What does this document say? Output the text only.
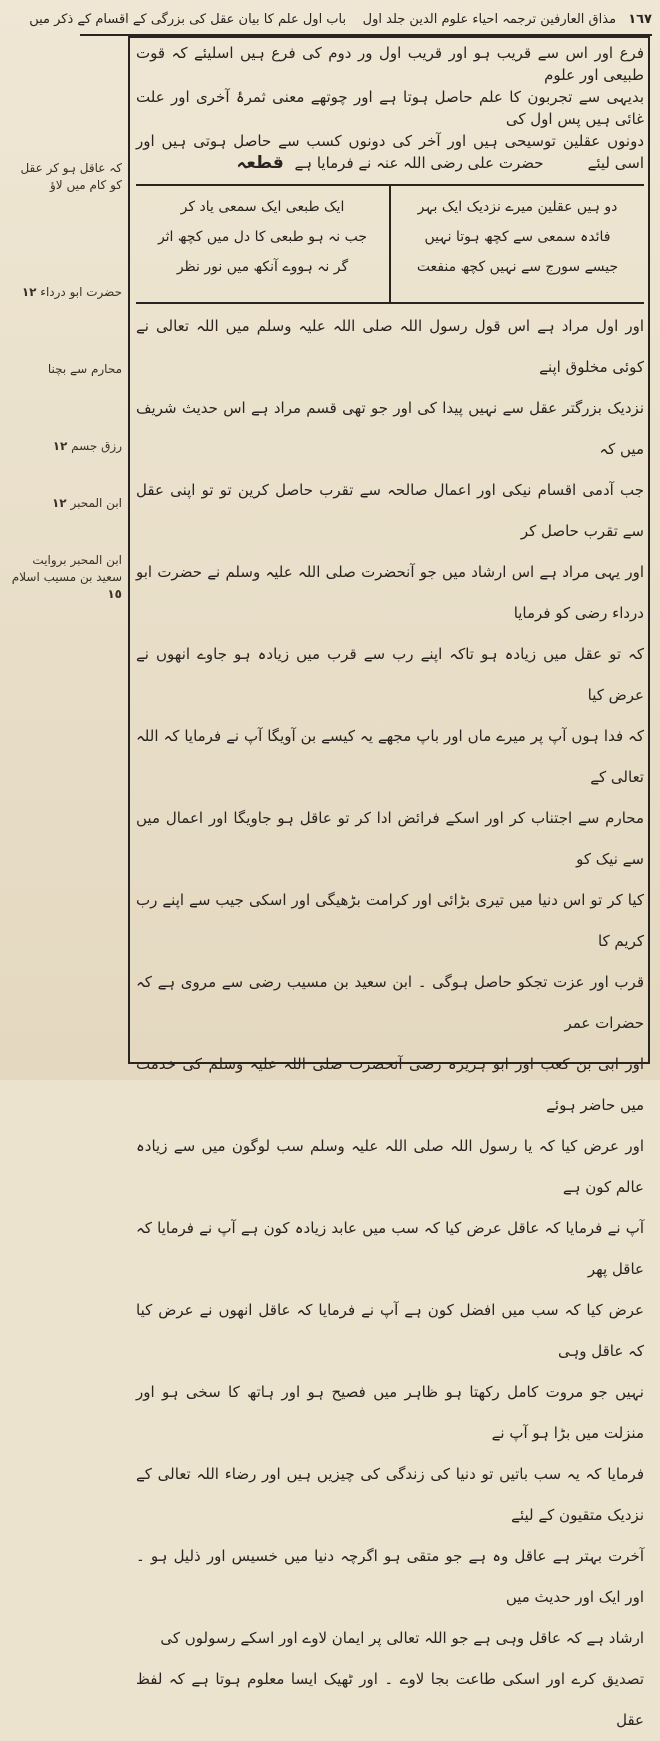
١٦٧ مذاق العارفین ترجمہ احیاء علوم الدین جلد اول    باب اول علم کا بیان عقل کی بزرگی کے اقسام کے ذکر میں

فرع اور اس سے قریب ہو اور قریب اول ور دوم کی فرع ہیں اسلیئے کہ قوت طبیعی اور علوم

بدیہی سے تجربون کا علم حاصل ہوتا ہے اور چوتھے معنی ثمرۂ آخری اور علت غائی ہیں پس اول کی

دونوں عقلین توسیحی ہیں اور آخر کی دونوں کسب سے حاصل ہوتی ہیں اور اسی لیئے

حضرت علی رضی اللہ عنہ نے فرمایا ہے قطعہ
دو ہیں عقلین میرے نزدیک ایک بہر
فائدہ سمعی سے کچھ ہوتا نہیں
جیسے سورج سے نہیں کچھ منفعت
ایک طبعی ایک سمعی یاد کر
جب نہ ہو طبعی کا دل میں کچھ اثر
گر نہ ہووے آنکھ میں نور نظر

اور اول مراد ہے اس قول رسول اللہ صلی اللہ علیہ وسلم میں اللہ تعالی نے کوئی مخلوق اپنے

نزدیک بزرگتر عقل سے نہیں پیدا کی اور جو تھی قسم مراد ہے اس حدیث شریف میں کہ

جب آدمی اقسام نیکی اور اعمال صالحہ سے تقرب حاصل کرین تو تو اپنی عقل سے تقرب حاصل کر

اور یہی مراد ہے اس ارشاد میں جو آنحضرت صلی اللہ علیہ وسلم نے حضرت ابو درداء رضی کو فرمایا

کہ تو عقل میں زیادہ ہو تاکہ اپنے رب سے قرب میں زیادہ ہو جاوے انھوں نے عرض کیا

کہ فدا ہوں آپ پر میرے ماں اور باپ مجھے یہ کیسے بن آویگا آپ نے فرمایا کہ اللہ تعالی کے

محارم سے اجتناب کر اور اسکے فرائض ادا کر تو عاقل ہو جاویگا اور اعمال میں سے نیک کو

کیا کر تو اس دنیا میں تیری بڑائی اور کرامت بڑھیگی اور اسکی جیب سے اپنے رب کریم کا

قرب اور عزت تجکو حاصل ہوگی ۔ ابن سعید بن مسیب رضی سے مروی ہے کہ حضرات عمر

اور ابی بن کعب اور ابو ہریرہ رضی آنحضرت صلی اللہ علیہ وسلم کی خدمت میں حاضر ہوئے

اور عرض کیا کہ یا رسول اللہ صلی اللہ علیہ وسلم سب لوگون میں سے زیادہ عالم کون ہے

آپ نے فرمایا کہ عاقل عرض کیا کہ سب میں عابد زیادہ کون ہے آپ نے فرمایا کہ عاقل پھر

عرض کیا کہ سب میں افضل کون ہے آپ نے فرمایا کہ عاقل انھوں نے عرض کیا کہ عاقل وہی

نہیں جو مروت کامل رکھتا ہو ظاہر میں فصیح ہو اور ہاتھ کا سخی ہو اور منزلت میں بڑا ہو آپ نے

فرمایا کہ یہ سب باتیں تو دنیا کی زندگی کی چیزیں ہیں اور رضاء اللہ تعالی کے نزدیک متقیون کے لیئے

آخرت بہتر ہے عاقل وہ ہے جو متقی ہو اگرچہ دنیا میں خسیس اور ذلیل ہو ۔ اور ایک اور حدیث میں

ارشاد ہے کہ عاقل وہی ہے جو اللہ تعالی پر ایمان لاوے اور اسکے رسولوں کی

تصدیق کرے اور اسکی طاعت بجا لاوے ۔ اور ٹھیک ایسا معلوم ہوتا ہے کہ لفظ عقل

کہ عاقل ہو کر عقل کو کام میں لاؤ
حضرت ابو درداء ١٢
محارم سے بچنا
رزق جسم ١٢
ابن المحبر ١٢
ابن المحبر بروایت سعید بن مسیب اسلام ١٥
